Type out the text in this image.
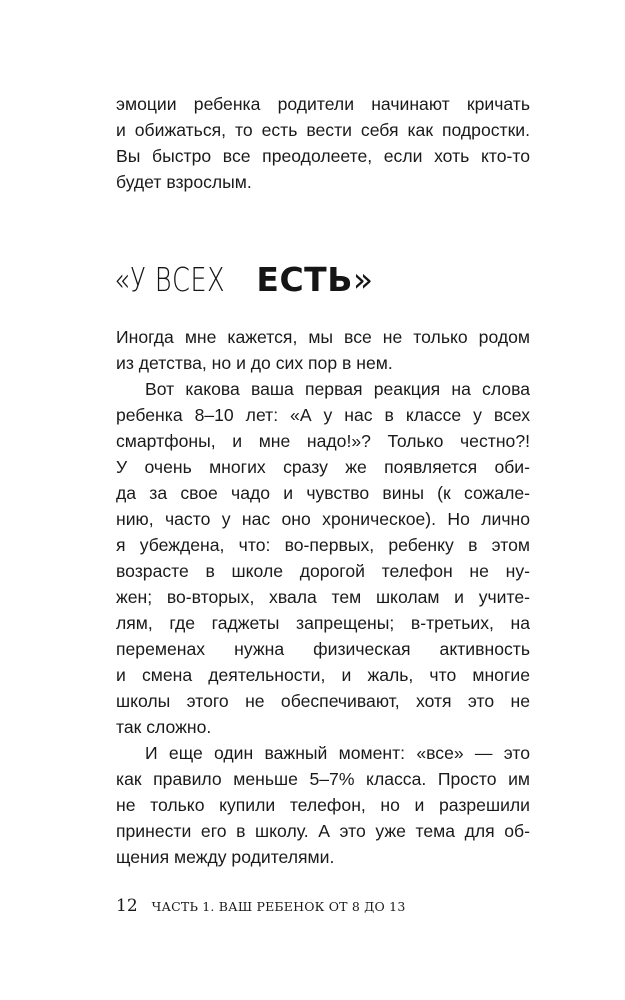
эмоции ребенка родители начинают кричать
и обижаться, то есть вести себя как подростки.
Вы быстро все преодолеете, если хоть кто-то
будет взрослым.
«У ВСЕХЕСТЬ»
Иногда мне кажется, мы все не только родом
из детства, но и до сих пор в нем.
Вот какова ваша первая реакция на слова
ребенка 8–10 лет: «А у нас в классе у всех
смартфоны, и мне надо!»? Только честно?!
У очень многих сразу же появляется оби-
да за свое чадо и чувство вины (к сожале-
нию, часто у нас оно хроническое). Но лично
я убеждена, что: во-первых, ребенку в этом
возрасте в школе дорогой телефон не ну-
жен; во-вторых, хвала тем школам и учите-
лям, где гаджеты запрещены; в-третьих, на
переменах нужна физическая активность
и смена деятельности, и жаль, что многие
школы этого не обеспечивают, хотя это не
так сложно.
И еще один важный момент: «все» — это
как правило меньше 5–7% класса. Просто им
не только купили телефон, но и разрешили
принести его в школу. А это уже тема для об-
щения между родителями.
12 ЧАСТЬ 1. ВАШ РЕБЕНОК ОТ 8 ДО 13
